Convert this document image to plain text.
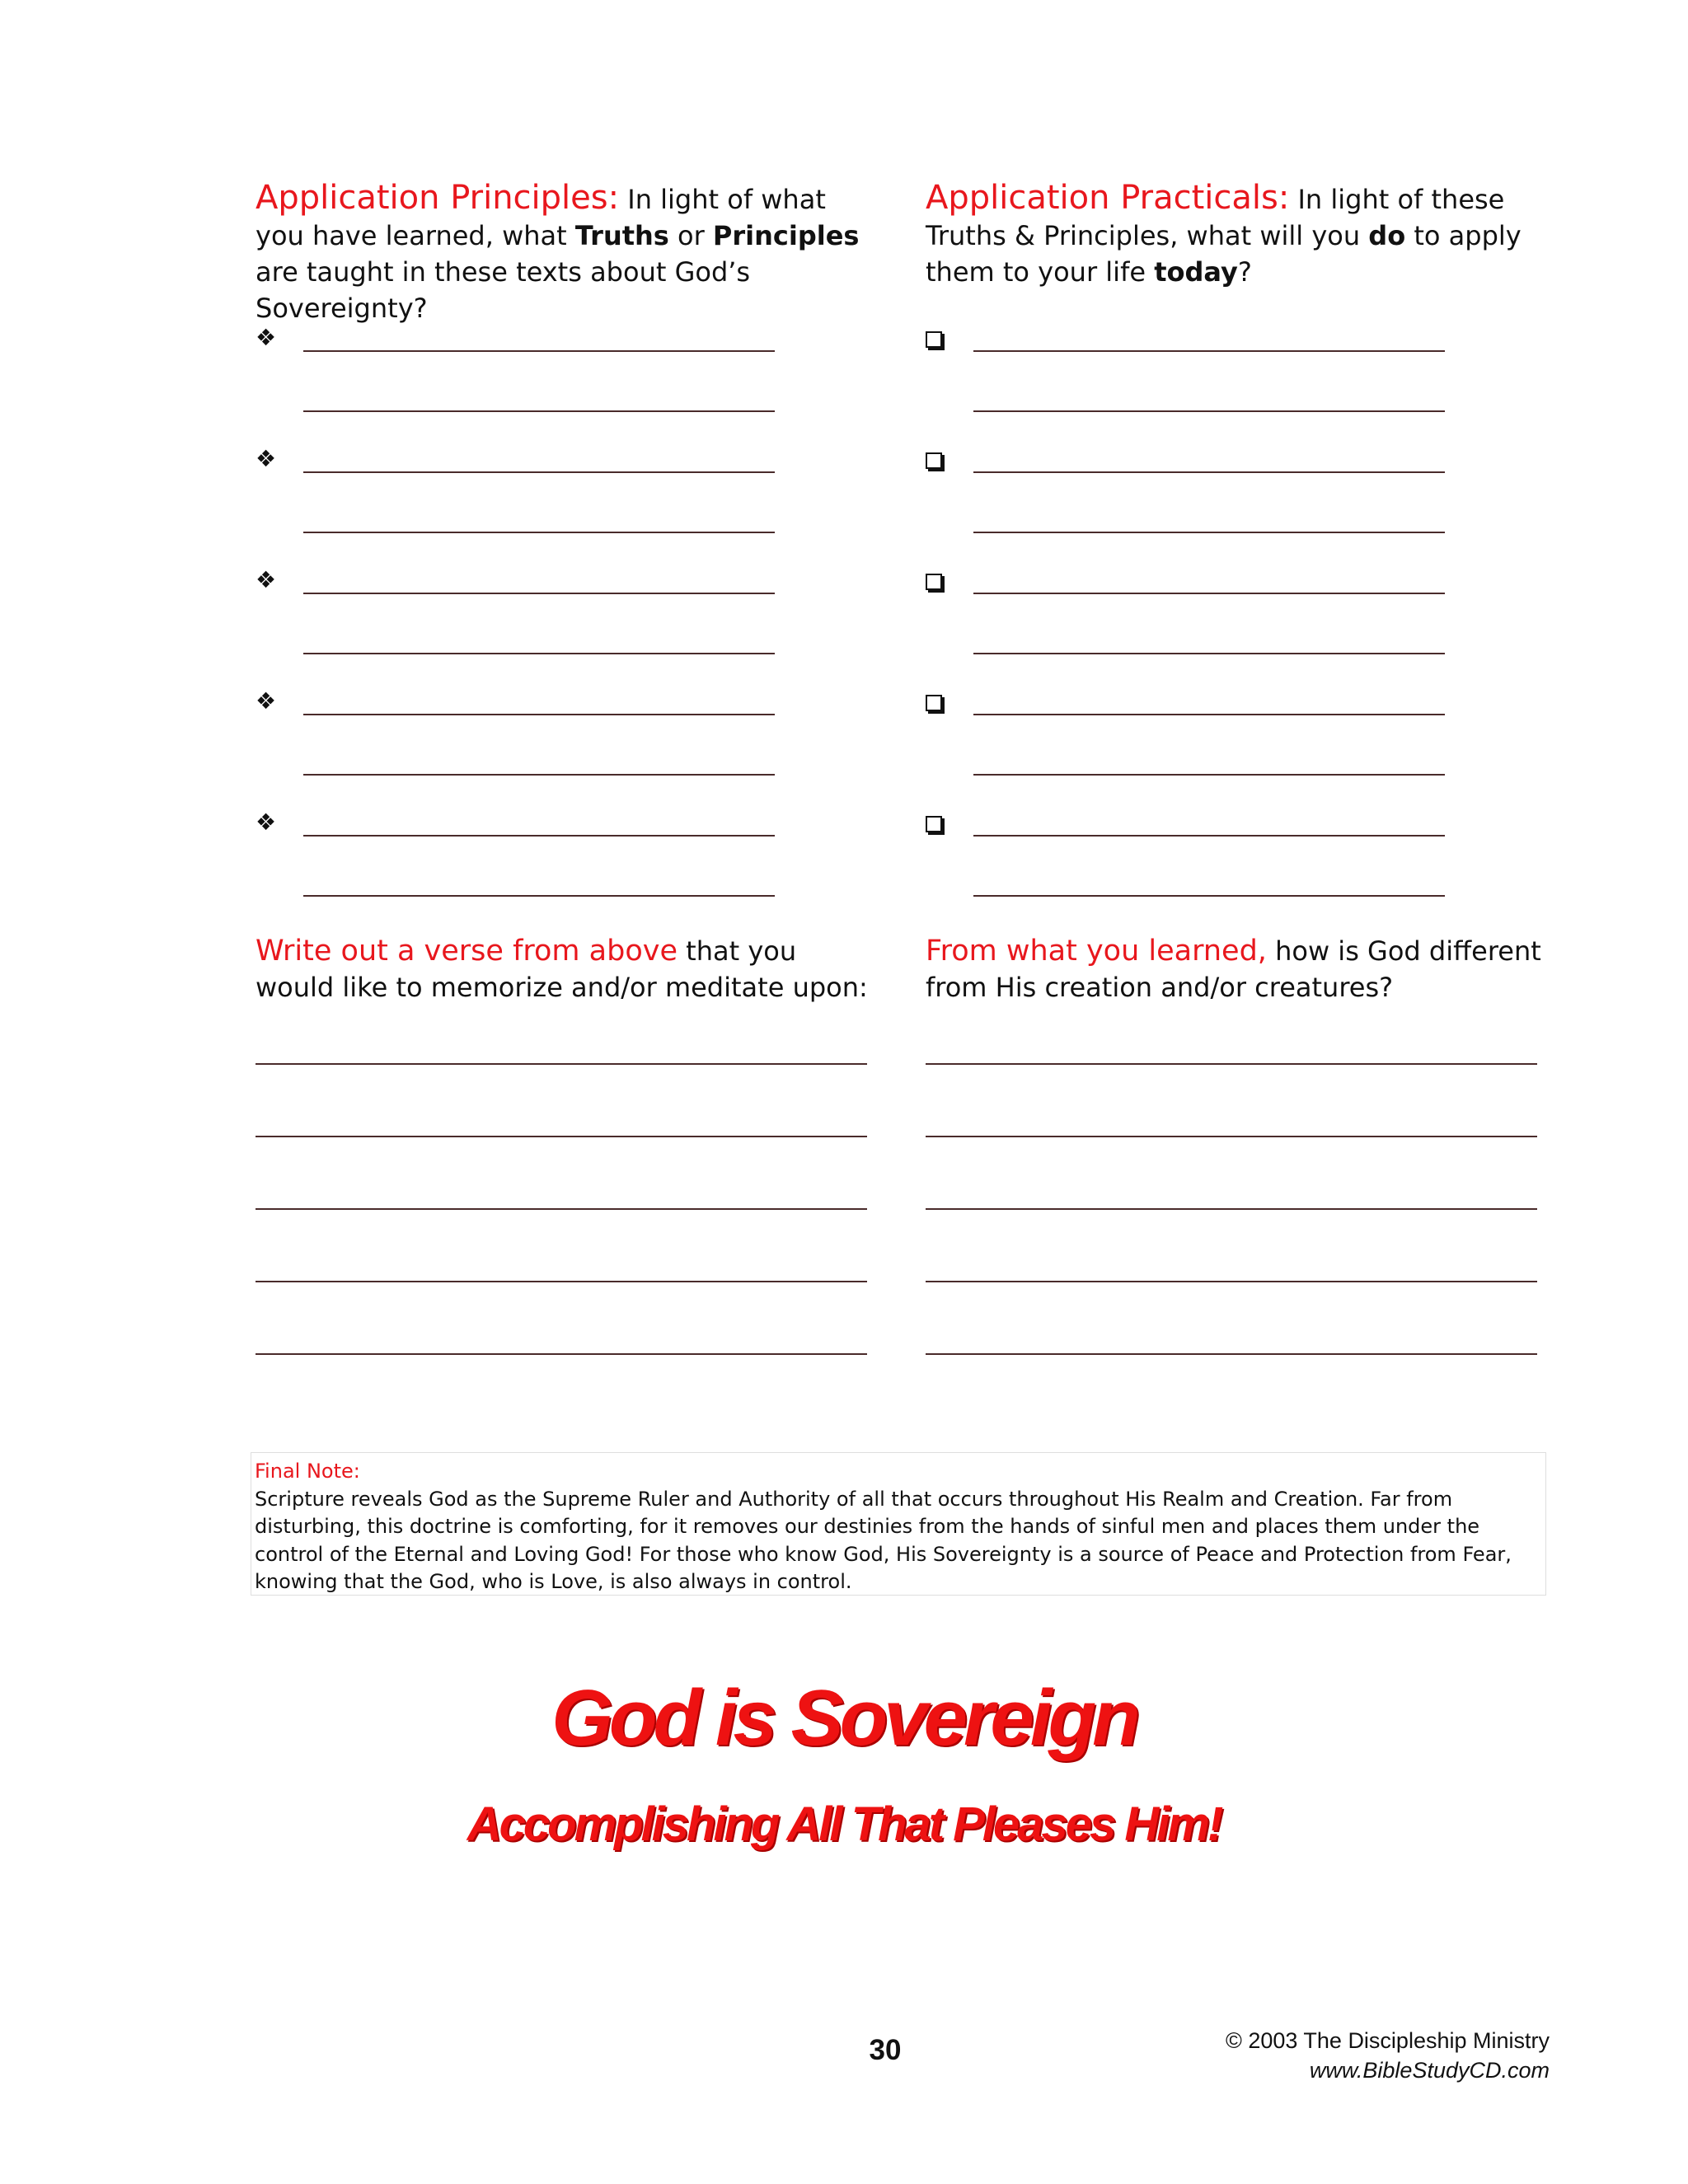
Application Principles: In light of what you have learned, what Truths or Principles are taught in these texts about God’s Sovereignty?
Application Practicals: In light of these Truths & Principles, what will you do to apply them to your life today?
❖
❖
❖
❖
❖
Write out a verse from above that you would like to memorize and/or meditate upon:
From what you learned, how is God different from His creation and/or creatures?
Final Note:
Scripture reveals God as the Supreme Ruler and Authority of all that occurs throughout His Realm and Creation. Far from disturbing, this doctrine is comforting, for it removes our destinies from the hands of sinful men and places them under the control of the Eternal and Loving God! For those who know God, His Sovereignty is a source of Peace and Protection from Fear, knowing that the God, who is Love, is also always in control.
God is Sovereign
Accomplishing All That Pleases Him!
30	© 2003 The Discipleship Ministry
www.BibleStudyCD.com
